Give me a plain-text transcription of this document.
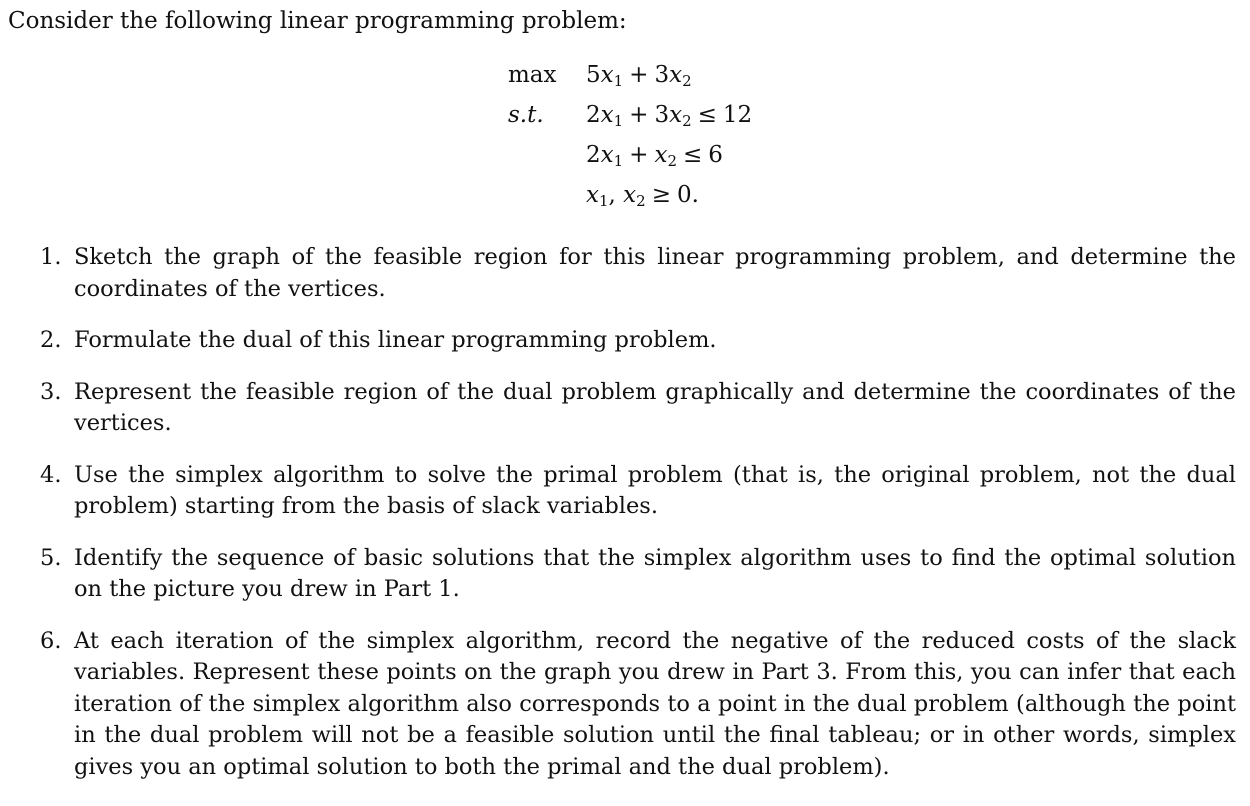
Consider the following linear programming problem:
max	$5x_1 + 3x_2$
s.t.	$2x_1 + 3x_2 \le 12$
$2x_1 + x_2 \le 6$
$x_1$, $x_2 \ge 0$.
1. Sketch the graph of the feasible region for this linear programming problem, and determine the coordinates of the vertices.
2. Formulate the dual of this linear programming problem.
3. Represent the feasible region of the dual problem graphically and determine the coordinates of the vertices.
4. Use the simplex algorithm to solve the primal problem (that is, the original problem, not the dual problem) starting from the basis of slack variables.
5. Identify the sequence of basic solutions that the simplex algorithm uses to find the optimal solution on the picture you drew in Part 1.
6. At each iteration of the simplex algorithm, record the negative of the reduced costs of the slack variables. Represent these points on the graph you drew in Part 3. From this, you can infer that each iteration of the simplex algorithm also corresponds to a point in the dual problem (although the point in the dual problem will not be a feasible solution until the final tableau; or in other words, simplex gives you an optimal solution to both the primal and the dual problem).
